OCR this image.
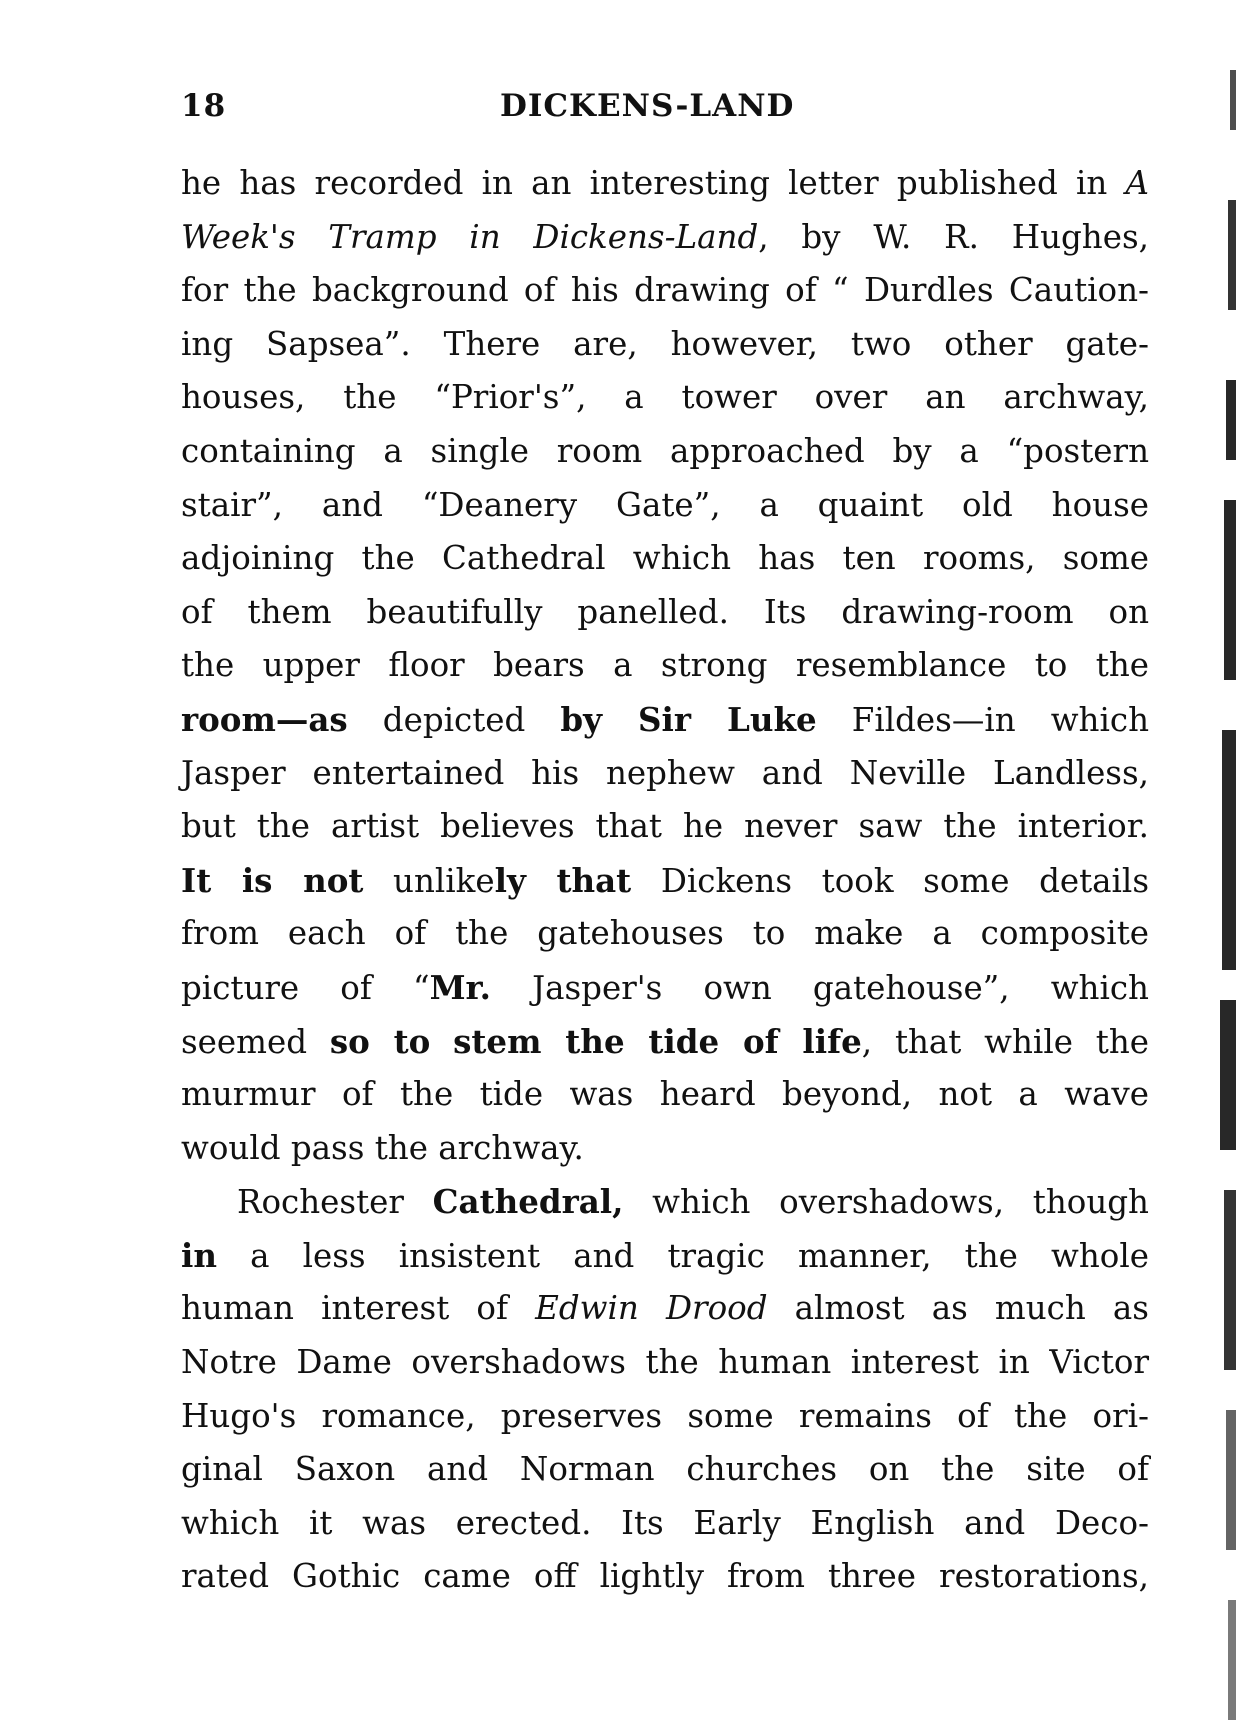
18	DICKENS-LAND
he has recorded in an interesting letter published in A
Week's Tramp in Dickens-Land, by W. R. Hughes,
for the background of his drawing of “ Durdles Caution-
ing Sapsea”. There are, however, two other gate-
houses, the “Prior's”, a tower over an archway,
containing a single room approached by a “postern
stair”, and “Deanery Gate”, a quaint old house
adjoining the Cathedral which has ten rooms, some
of them beautifully panelled. Its drawing-room on
the upper floor bears a strong resemblance to the
room—as depicted by Sir Luke Fildes—in which
Jasper entertained his nephew and Neville Landless,
but the artist believes that he never saw the interior.
It is not unlikely that Dickens took some details
from each of the gatehouses to make a composite
picture of “Mr. Jasper's own gatehouse”, which
seemed so to stem the tide of life, that while the
murmur of the tide was heard beyond, not a wave
would pass the archway.
Rochester Cathedral, which overshadows, though
in a less insistent and tragic manner, the whole
human interest of Edwin Drood almost as much as
Notre Dame overshadows the human interest in Victor
Hugo's romance, preserves some remains of the ori-
ginal Saxon and Norman churches on the site of
which it was erected. Its Early English and Deco-
rated Gothic came off lightly from three restorations,
